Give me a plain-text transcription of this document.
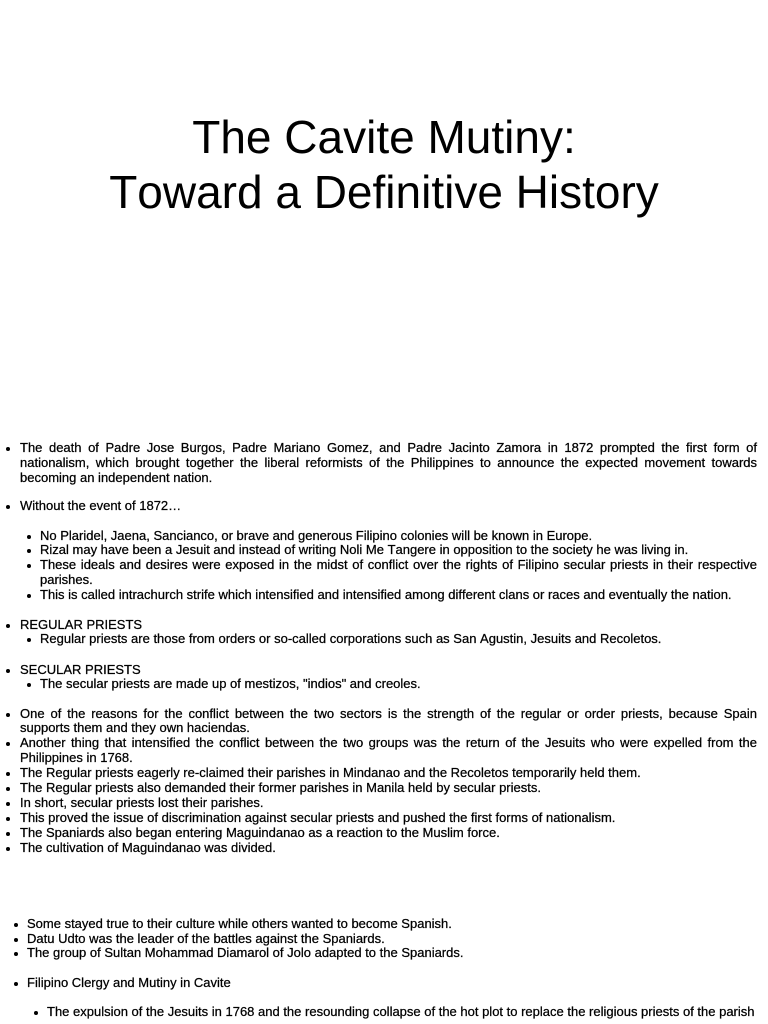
The Cavite Mutiny:
Toward a Definitive History
The death of Padre Jose Burgos, Padre Mariano Gomez, and Padre Jacinto Zamora in 1872 prompted the first form of nationalism, which brought together the liberal reformists of the Philippines to announce the expected movement towards becoming an independent nation.
Without the event of 1872…
No Plaridel, Jaena, Sancianco, or brave and generous Filipino colonies will be known in Europe.
Rizal may have been a Jesuit and instead of writing Noli Me Tangere in opposition to the society he was living in.
These ideals and desires were exposed in the midst of conflict over the rights of Filipino secular priests in their respective parishes.
This is called intrachurch strife which intensified and intensified among different clans or races and eventually the nation.
REGULAR PRIESTS
Regular priests are those from orders or so-called corporations such as San Agustin, Jesuits and Recoletos.
SECULAR PRIESTS
The secular priests are made up of mestizos, "indios" and creoles.
One of the reasons for the conflict between the two sectors is the strength of the regular or order priests, because Spain supports them and they own haciendas.
Another thing that intensified the conflict between the two groups was the return of the Jesuits who were expelled from the Philippines in 1768.
The Regular priests eagerly re-claimed their parishes in Mindanao and the Recoletos temporarily held them.
The Regular priests also demanded their former parishes in Manila held by secular priests.
In short, secular priests lost their parishes.
This proved the issue of discrimination against secular priests and pushed the first forms of nationalism.
The Spaniards also began entering Maguindanao as a reaction to the Muslim force.
The cultivation of Maguindanao was divided.
Some stayed true to their culture while others wanted to become Spanish.
Datu Udto was the leader of the battles against the Spaniards.
The group of Sultan Mohammad Diamarol of Jolo adapted to the Spaniards.
Filipino Clergy and Mutiny in Cavite
The expulsion of the Jesuits in 1768 and the resounding collapse of the hot plot to replace the religious priests of the parish
